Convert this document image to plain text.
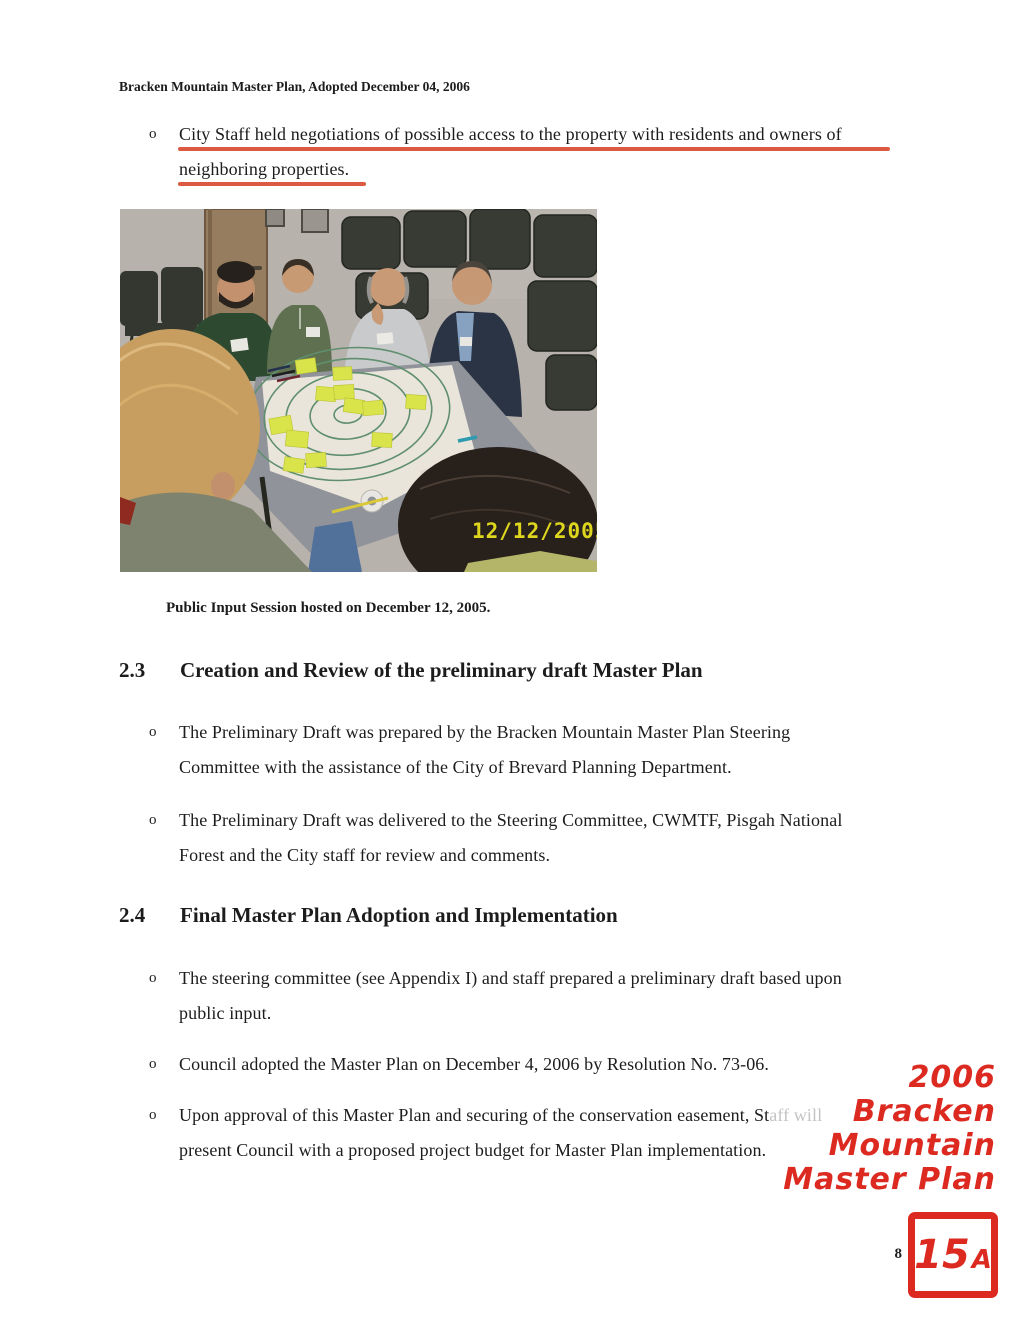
Bracken Mountain Master Plan, Adopted December 04, 2006
o City Staff held negotiations of possible access to the property with residents and owners of
neighboring properties.
12/12/2005
Public Input Session hosted on December 12, 2005.
2.3 Creation and Review of the preliminary draft Master Plan
o The Preliminary Draft was prepared by the Bracken Mountain Master Plan Steering
Committee with the assistance of the City of Brevard Planning Department.
o The Preliminary Draft was delivered to the Steering Committee, CWMTF, Pisgah National
Forest and the City staff for review and comments.
2.4 Final Master Plan Adoption and Implementation
o The steering committee (see Appendix I) and staff prepared a preliminary draft based upon
public input.
o Council adopted the Master Plan on December 4, 2006 by Resolution No. 73-06.
o Upon approval of this Master Plan and securing of the conservation easement, Staff will
present Council with a proposed project budget for Master Plan implementation.
2006
Bracken
Mountain
Master Plan
8 15 A
